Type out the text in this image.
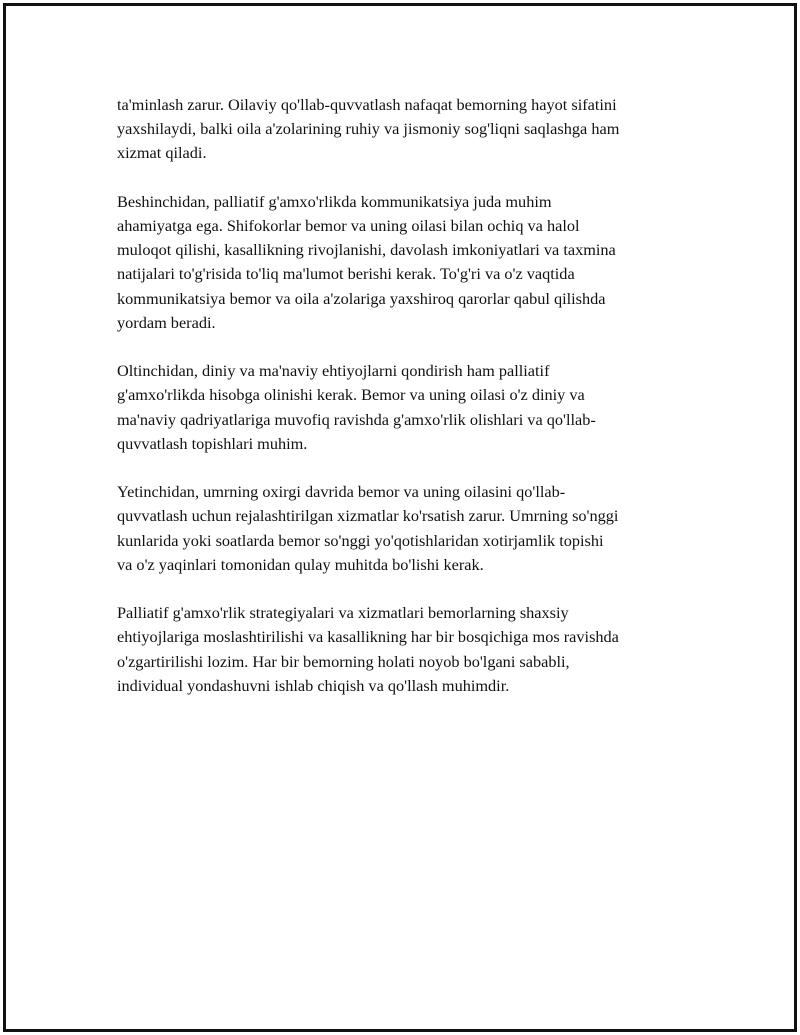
ta'minlash zarur. Oilaviy qo'llab-quvvatlash nafaqat bemorning hayot sifatini
yaxshilaydi, balki oila a'zolarining ruhiy va jismoniy sog'liqni saqlashga ham
xizmat qiladi.

Beshinchidan, palliatif g'amxo'rlikda kommunikatsiya juda muhim
ahamiyatga ega. Shifokorlar bemor va uning oilasi bilan ochiq va halol
muloqot qilishi, kasallikning rivojlanishi, davolash imkoniyatlari va taxmina
natijalari to'g'risida to'liq ma'lumot berishi kerak. To'g'ri va o'z vaqtida
kommunikatsiya bemor va oila a'zolariga yaxshiroq qarorlar qabul qilishda
yordam beradi.

Oltinchidan, diniy va ma'naviy ehtiyojlarni qondirish ham palliatif
g'amxo'rlikda hisobga olinishi kerak. Bemor va uning oilasi o'z diniy va
ma'naviy qadriyatlariga muvofiq ravishda g'amxo'rlik olishlari va qo'llab-
quvvatlash topishlari muhim.

Yetinchidan, umrning oxirgi davrida bemor va uning oilasini qo'llab-
quvvatlash uchun rejalashtirilgan xizmatlar ko'rsatish zarur. Umrning so'nggi
kunlarida yoki soatlarda bemor so'nggi yo'qotishlaridan xotirjamlik topishi
va o'z yaqinlari tomonidan qulay muhitda bo'lishi kerak.

Palliatif g'amxo'rlik strategiyalari va xizmatlari bemorlarning shaxsiy
ehtiyojlariga moslashtirilishi va kasallikning har bir bosqichiga mos ravishda
o'zgartirilishi lozim. Har bir bemorning holati noyob bo'lgani sababli,
individual yondashuvni ishlab chiqish va qo'llash muhimdir.
